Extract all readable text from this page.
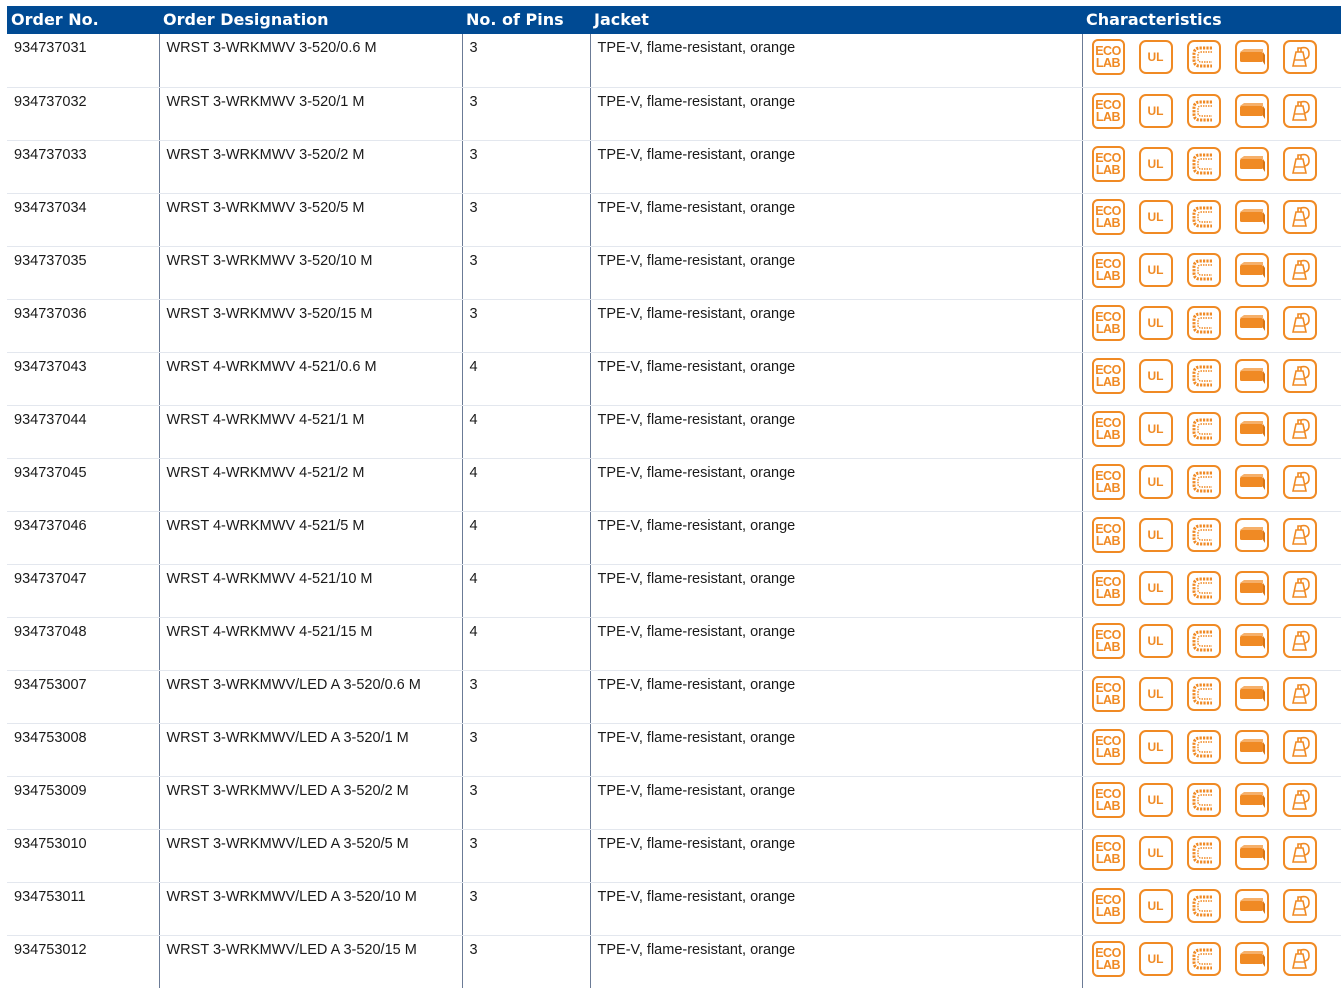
Order No.	Order Designation	No. of Pins	Jacket	Characteristics
934737031	WRST 3-WRKMWV 3-520/0.6 M	3	TPE-V, flame-resistant, orange	ECO
LAB UL

934737032	WRST 3-WRKMWV 3-520/1 M	3	TPE-V, flame-resistant, orange	ECO
LAB UL

934737033	WRST 3-WRKMWV 3-520/2 M	3	TPE-V, flame-resistant, orange	ECO
LAB UL

934737034	WRST 3-WRKMWV 3-520/5 M	3	TPE-V, flame-resistant, orange	ECO
LAB UL

934737035	WRST 3-WRKMWV 3-520/10 M	3	TPE-V, flame-resistant, orange	ECO
LAB UL

934737036	WRST 3-WRKMWV 3-520/15 M	3	TPE-V, flame-resistant, orange	ECO
LAB UL

934737043	WRST 4-WRKMWV 4-521/0.6 M	4	TPE-V, flame-resistant, orange	ECO
LAB UL

934737044	WRST 4-WRKMWV 4-521/1 M	4	TPE-V, flame-resistant, orange	ECO
LAB UL

934737045	WRST 4-WRKMWV 4-521/2 M	4	TPE-V, flame-resistant, orange	ECO
LAB UL

934737046	WRST 4-WRKMWV 4-521/5 M	4	TPE-V, flame-resistant, orange	ECO
LAB UL

934737047	WRST 4-WRKMWV 4-521/10 M	4	TPE-V, flame-resistant, orange	ECO
LAB UL

934737048	WRST 4-WRKMWV 4-521/15 M	4	TPE-V, flame-resistant, orange	ECO
LAB UL

934753007	WRST 3-WRKMWV/LED A 3-520/0.6 M	3	TPE-V, flame-resistant, orange	ECO
LAB UL

934753008	WRST 3-WRKMWV/LED A 3-520/1 M	3	TPE-V, flame-resistant, orange	ECO
LAB UL

934753009	WRST 3-WRKMWV/LED A 3-520/2 M	3	TPE-V, flame-resistant, orange	ECO
LAB UL

934753010	WRST 3-WRKMWV/LED A 3-520/5 M	3	TPE-V, flame-resistant, orange	ECO
LAB UL

934753011	WRST 3-WRKMWV/LED A 3-520/10 M	3	TPE-V, flame-resistant, orange	ECO
LAB UL

934753012	WRST 3-WRKMWV/LED A 3-520/15 M	3	TPE-V, flame-resistant, orange	ECO
LAB UL
